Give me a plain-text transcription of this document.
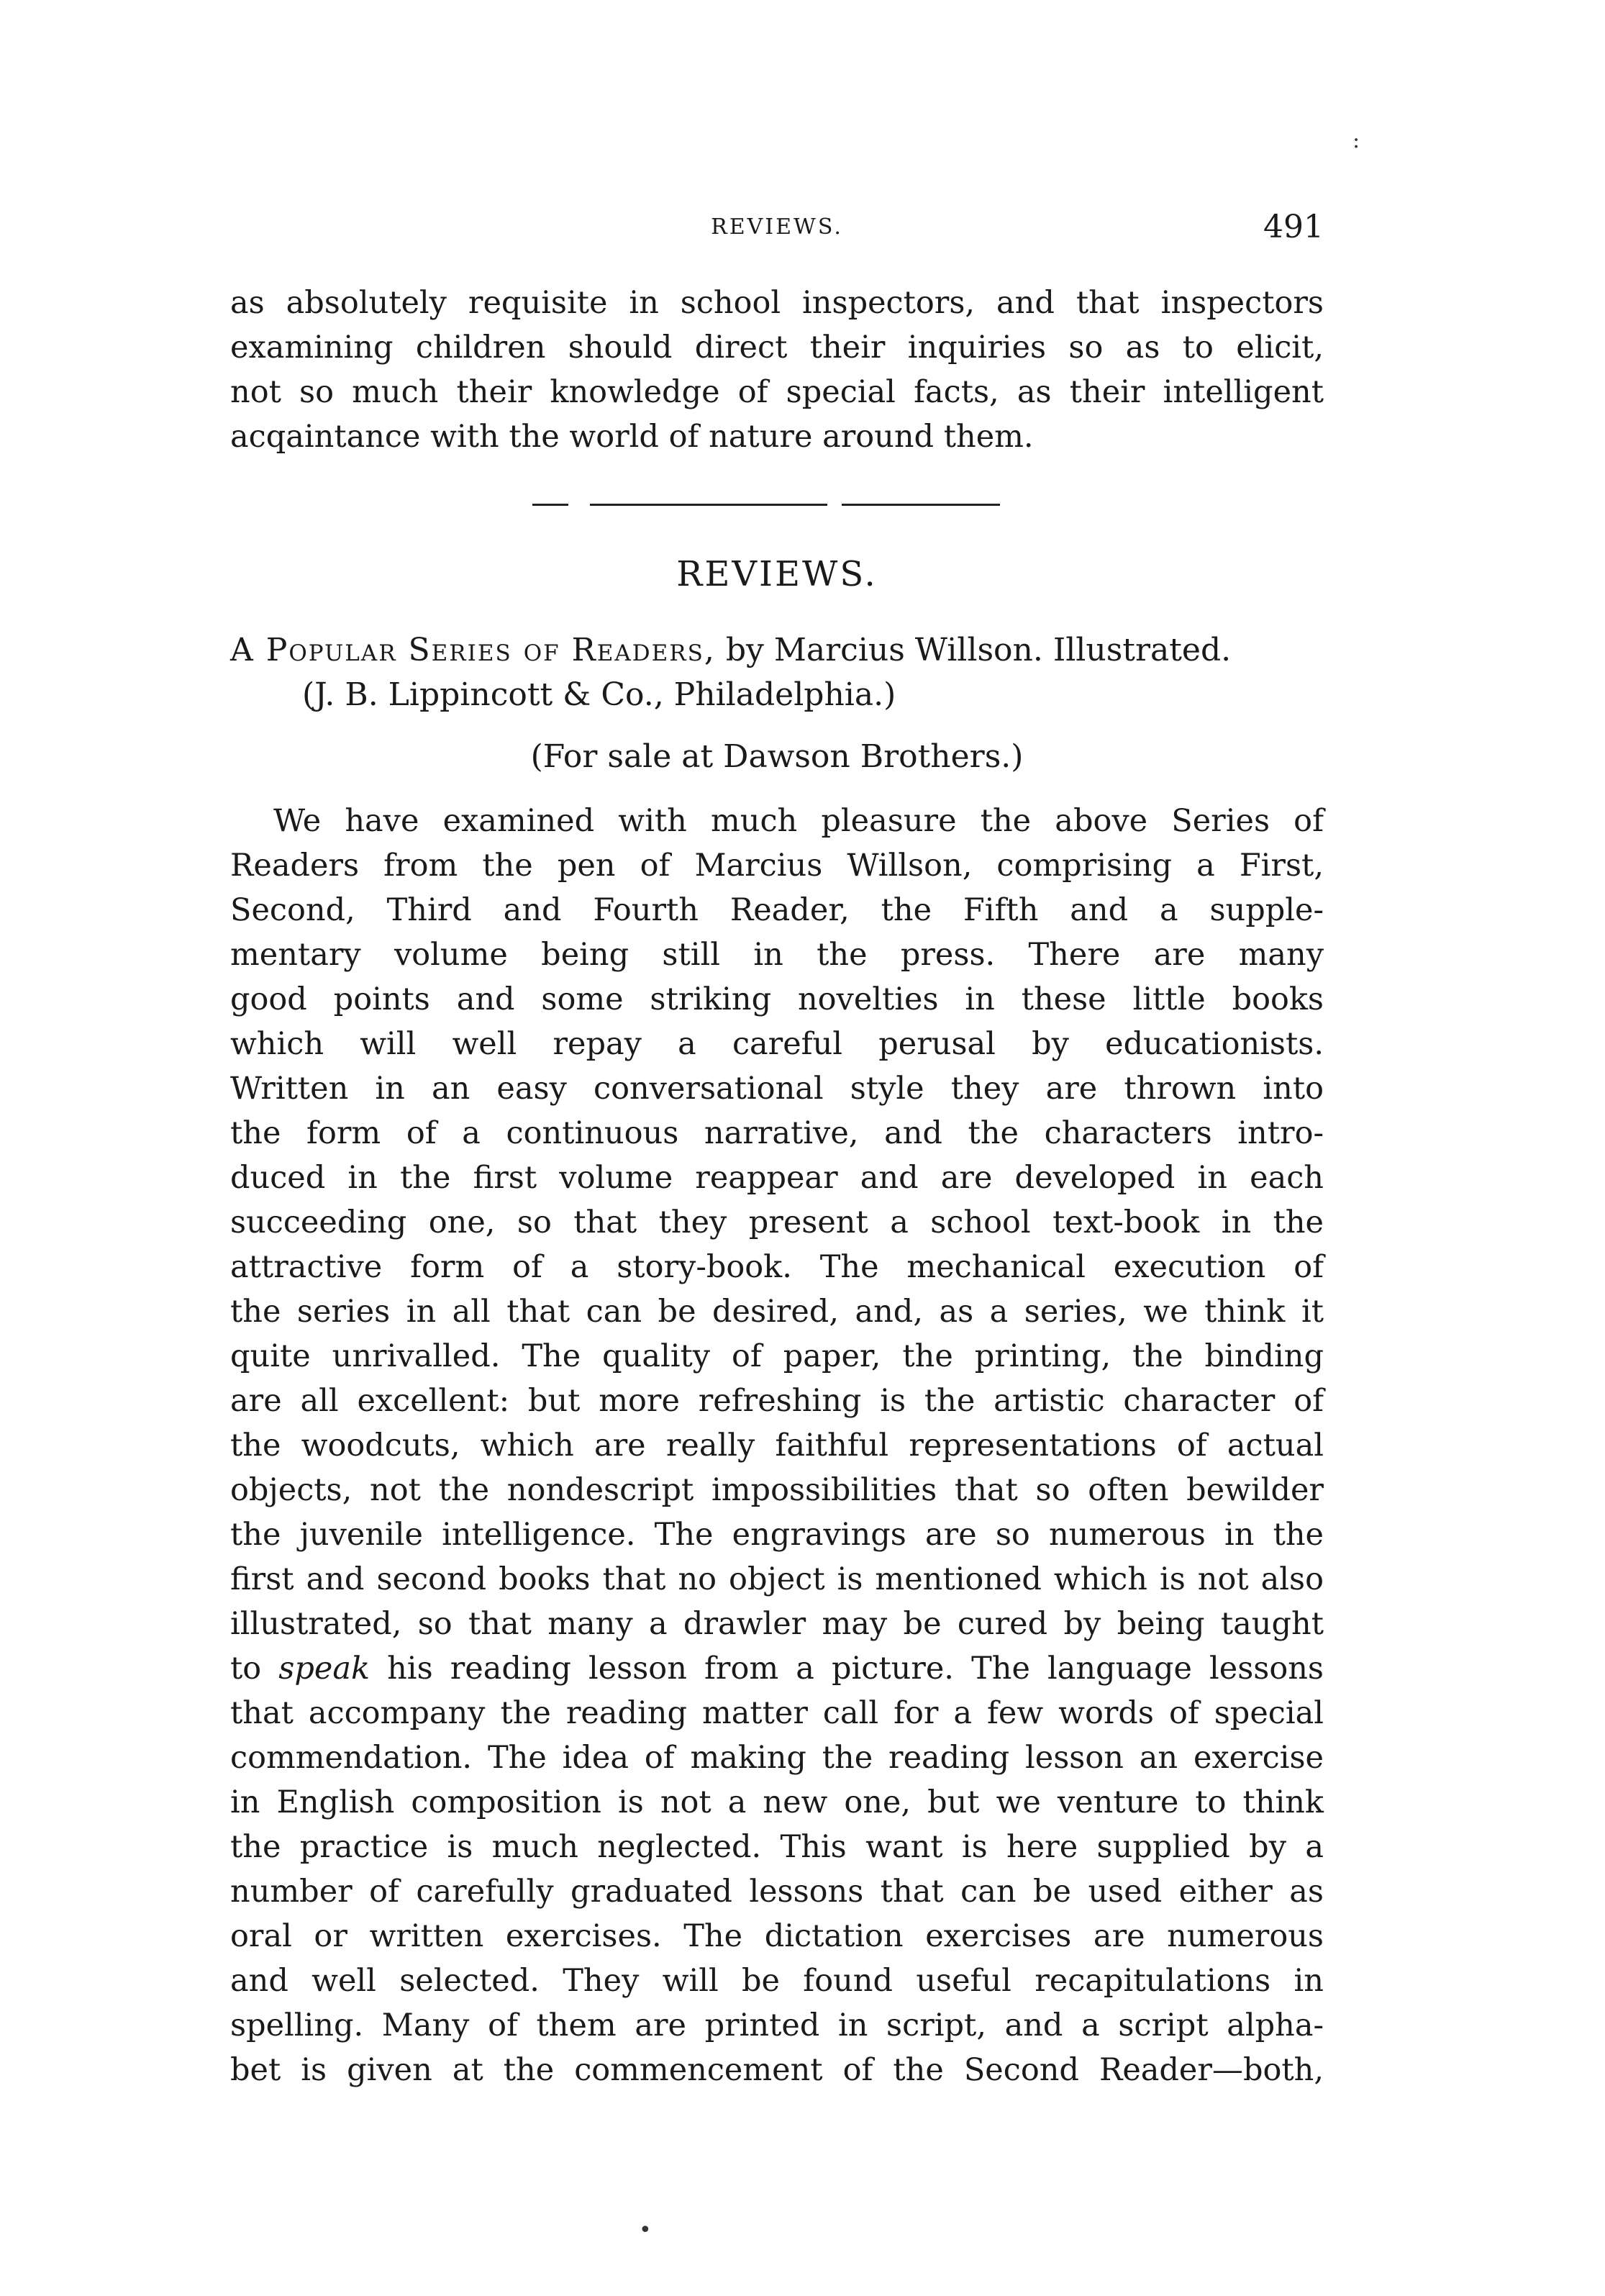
:
REVIEWS.	491
as absolutely requisite in school inspectors, and that inspectors
examining children should direct their inquiries so as to elicit,
not so much their knowledge of special facts, as their intelligent
acqaintance with the world of nature around them.
REVIEWS.
A Popular Series of Readers, by Marcius Willson. Illustrated.
(J. B. Lippincott & Co., Philadelphia.)
(For sale at Dawson Brothers.)
We have examined with much pleasure the above Series of
Readers from the pen of Marcius Willson, comprising a First,
Second, Third and Fourth Reader, the Fifth and a supple-
mentary volume being still in the press. There are many
good points and some striking novelties in these little books
which will well repay a careful perusal by educationists.
Written in an easy conversational style they are thrown into
the form of a continuous narrative, and the characters intro-
duced in the first volume reappear and are developed in each
succeeding one, so that they present a school text-book in the
attractive form of a story-book. The mechanical execution of
the series in all that can be desired, and, as a series, we think it
quite unrivalled. The quality of paper, the printing, the binding
are all excellent: but more refreshing is the artistic character of
the woodcuts, which are really faithful representations of actual
objects, not the nondescript impossibilities that so often bewilder
the juvenile intelligence. The engravings are so numerous in the
first and second books that no object is mentioned which is not also
illustrated, so that many a drawler may be cured by being taught
to speak his reading lesson from a picture. The language lessons
that accompany the reading matter call for a few words of special
commendation. The idea of making the reading lesson an exercise
in English composition is not a new one, but we venture to think
the practice is much neglected. This want is here supplied by a
number of carefully graduated lessons that can be used either as
oral or written exercises. The dictation exercises are numerous
and well selected. They will be found useful recapitulations in
spelling. Many of them are printed in script, and a script alpha-
bet is given at the commencement of the Second Reader—both,
•
